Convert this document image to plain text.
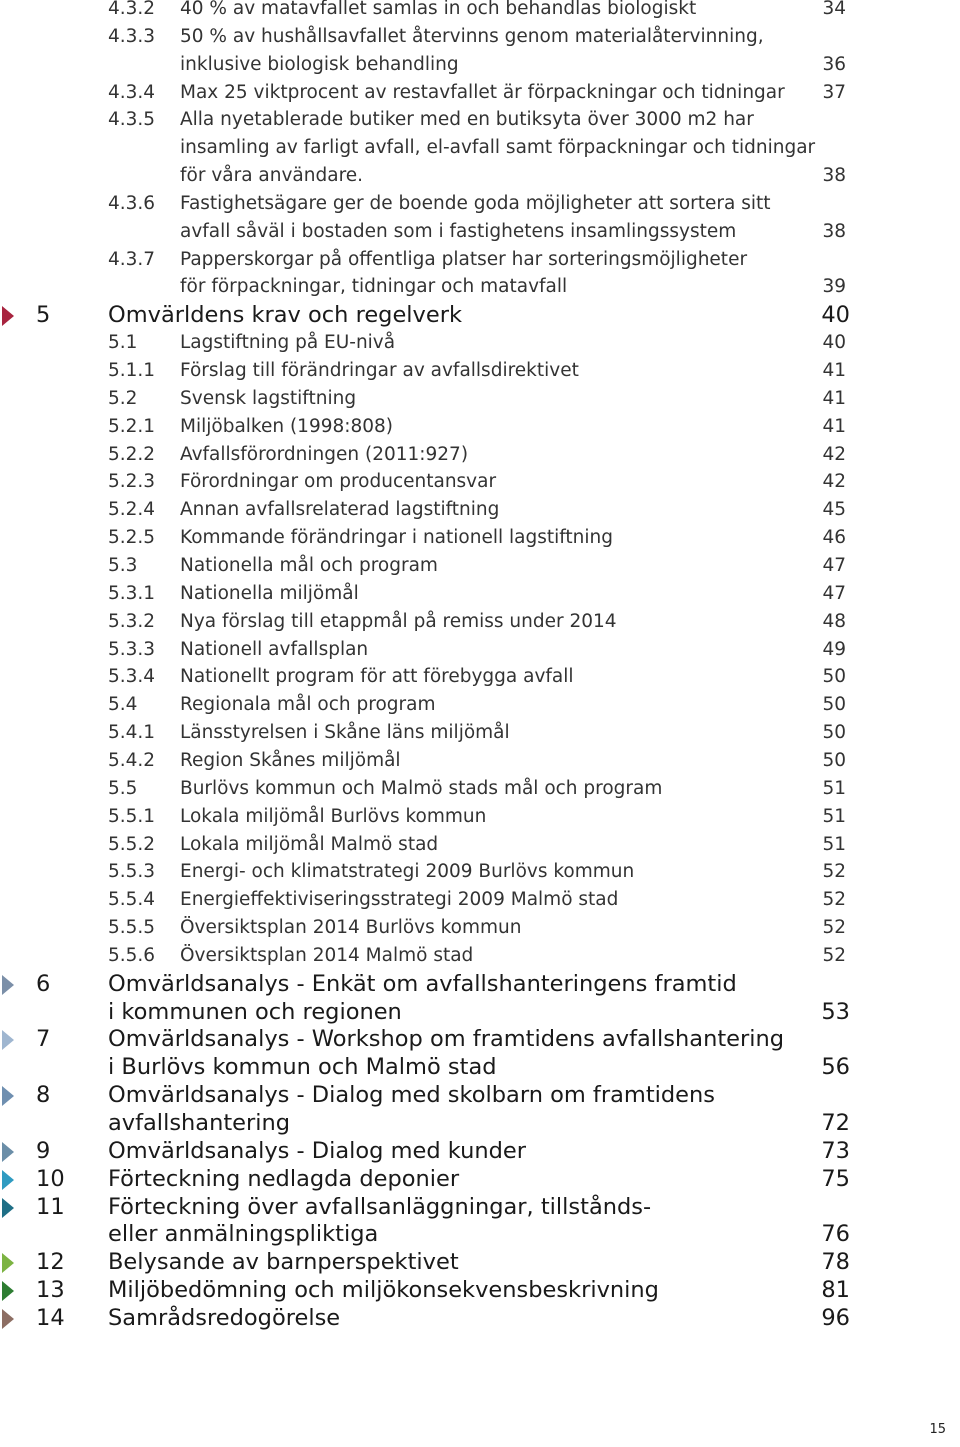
4.3.2 40 % av matavfallet samlas in och behandlas biologiskt	34
4.3.3 50 % av hushållsavfallet återvinns genom materialåtervinning,
inklusive biologisk behandling	36
4.3.4 Max 25 viktprocent av restavfallet är förpackningar och tidningar 37
4.3.5 Alla nyetablerade butiker med en butiksyta över 3000 m2 har
insamling av farligt avfall, el-avfall samt förpackningar och tidningar
för våra användare.	38
4.3.6 Fastighetsägare ger de boende goda möjligheter att sortera sitt
avfall såväl i bostaden som i fastighetens insamlingssystem	38
4.3.7 Papperskorgar på offentliga platser har sorteringsmöjligheter
för förpackningar, tidningar och matavfall	39
5	Omvärldens krav och regelverk	40
5.1 Lagstiftning på EU-nivå	40
5.1.1 Förslag till förändringar av avfallsdirektivet	41
5.2 Svensk lagstiftning	41
5.2.1 Miljöbalken (1998:808)	41
5.2.2 Avfallsförordningen (2011:927)	42
5.2.3 Förordningar om producentansvar	42
5.2.4 Annan avfallsrelaterad lagstiftning	45
5.2.5 Kommande förändringar i nationell lagstiftning	46
5.3 Nationella mål och program	47
5.3.1 Nationella miljömål	47
5.3.2 Nya förslag till etappmål på remiss under 2014	48
5.3.3 Nationell avfallsplan	49
5.3.4 Nationellt program för att förebygga avfall	50
5.4 Regionala mål och program	50
5.4.1 Länsstyrelsen i Skåne läns miljömål	50
5.4.2 Region Skånes miljömål	50
5.5 Burlövs kommun och Malmö stads mål och program	51
5.5.1 Lokala miljömål Burlövs kommun	51
5.5.2 Lokala miljömål Malmö stad	51
5.5.3 Energi- och klimatstrategi 2009 Burlövs kommun	52
5.5.4 Energieffektiviseringsstrategi 2009 Malmö stad	52
5.5.5 Översiktsplan 2014 Burlövs kommun	52
5.5.6 Översiktsplan 2014 Malmö stad	52
6	Omvärldsanalys - Enkät om avfallshanteringens framtid
i kommunen och regionen	53
7	Omvärldsanalys - Workshop om framtidens avfallshantering
i Burlövs kommun och Malmö stad	56
8	Omvärldsanalys - Dialog med skolbarn om framtidens
avfallshantering	72
9	Omvärldsanalys - Dialog med kunder	73
10 Förteckning nedlagda deponier	75
11 Förteckning över avfallsanläggningar, tillstånds-
eller anmälningspliktiga	76
12 Belysande av barnperspektivet	78
13 Miljöbedömning och miljökonsekvensbeskrivning	81
14 Samrådsredogörelse	96
15
